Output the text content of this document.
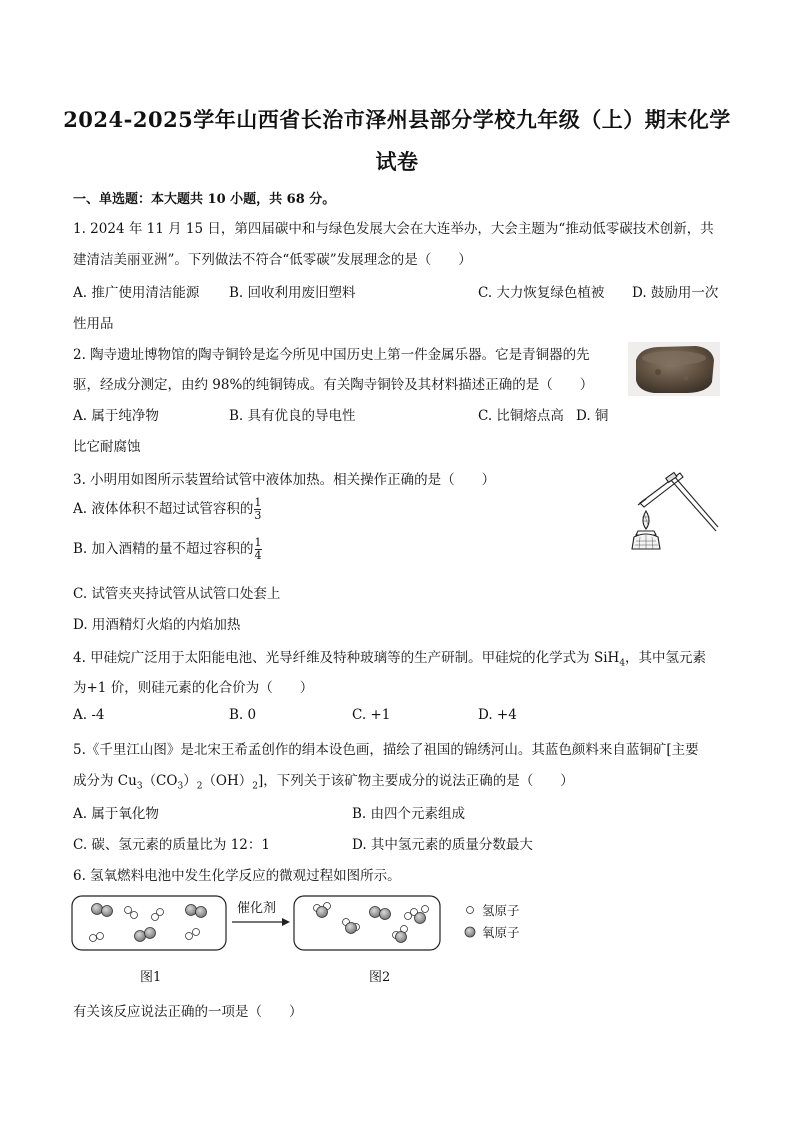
2024-2025学年山西省长治市泽州县部分学校九年级（上）期末化学
试卷
一、单选题：本大题共 10 小题，共 68 分。
1. 2024 年 11 月 15 日，第四届碳中和与绿色发展大会在大连举办，大会主题为“推动低零碳技术创新，共
建清洁美丽亚洲”。下列做法不符合“低零碳”发展理念的是（　　）
A. 推广使用清洁能源 B. 回收利用废旧塑料	C. 大力恢复绿色植被 D. 鼓励用一次
性用品
2. 陶寺遗址博物馆的陶寺铜铃是迄今所见中国历史上第一件金属乐器。它是青铜器的先
驱，经成分测定，由约 98%的纯铜铸成。有关陶寺铜铃及其材料描述正确的是（　　）
A. 属于纯净物	B. 具有优良的导电性	C. 比铜熔点高 D. 铜
比它耐腐蚀
3. 小明用如图所示装置给试管中液体加热。相关操作正确的是（　　）
A. 液体体积不超过试管容积的 $\frac{1}{3}$
B. 加入酒精的量不超过容积的 $\frac{1}{4}$
C. 试管夹夹持试管从试管口处套上
D. 用酒精灯火焰的内焰加热
4. 甲硅烷广泛用于太阳能电池、光导纤维及特种玻璃等的生产研制。甲硅烷的化学式为 SiH$_4$，其中氢元素
为+1 价，则硅元素的化合价为（　　）
A. -4	B. 0	C. +1	D. +4
5.《千里江山图》是北宋王希孟创作的绢本设色画，描绘了祖国的锦绣河山。其蓝色颜料来自蓝铜矿[主要
成分为 $Cu_3(CO_3)_2(OH)_2$]，下列关于该矿物主要成分的说法正确的是（　　）
A. 属于氧化物	B. 由四个元素组成
C. 碳、氢元素的质量比为 12：1	D. 其中氢元素的质量分数最大
6. 氢氧燃料电池中发生化学反应的微观过程如图所示。
催化剂	氢原子
氧原子
图1	图2
有关该反应说法正确的一项是（　　）
